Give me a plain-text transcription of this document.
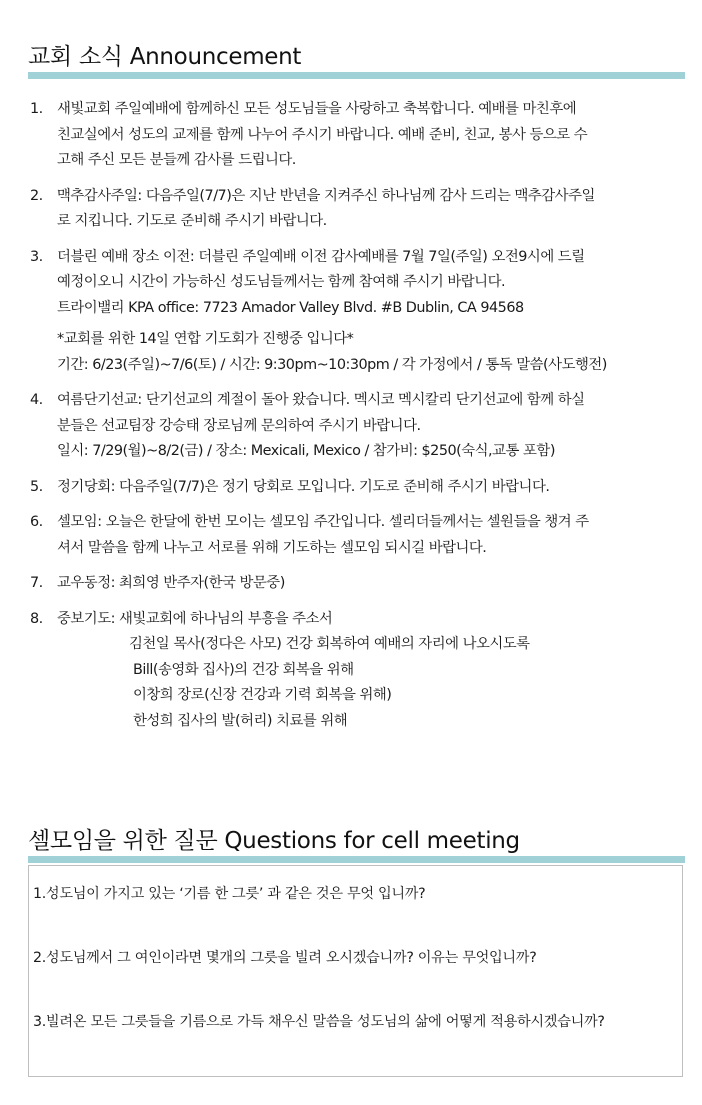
교회 소식 Announcement
1. 새빛교회 주일예배에 함께하신 모든 성도님들을 사랑하고 축복합니다. 예배를 마친후에
친교실에서 성도의 교제를 함께 나누어 주시기 바랍니다. 예배 준비, 친교, 봉사 등으로 수
고해 주신 모든 분들께 감사를 드립니다.
2. 맥추감사주일: 다음주일(7/7)은 지난 반년을 지켜주신 하나님께 감사 드리는 맥추감사주일
로 지킵니다. 기도로 준비해 주시기 바랍니다.
3. 더블린 예배 장소 이전: 더블린 주일예배 이전 감사예배를 7월 7일(주일) 오전9시에 드릴
예정이오니 시간이 가능하신 성도님들께서는 함께 참여해 주시기 바랍니다.
트라이밸리 KPA office: 7723 Amador Valley Blvd. #B Dublin, CA 94568
*교회를 위한 14일 연합 기도회가 진행중 입니다*
기간: 6/23(주일)~7/6(토) / 시간: 9:30pm~10:30pm / 각 가정에서 / 통독 말씀(사도행전)
4. 여름단기선교: 단기선교의 계절이 돌아 왔습니다. 멕시코 멕시칼리 단기선교에 함께 하실
분들은 선교팀장 강승태 장로님께 문의하여 주시기 바랍니다.
일시: 7/29(월)~8/2(금) / 장소: Mexicali, Mexico / 참가비: $250(숙식,교통 포함)
5. 정기당회: 다음주일(7/7)은 정기 당회로 모입니다. 기도로 준비해 주시기 바랍니다.
6. 셀모임: 오늘은 한달에 한번 모이는 셀모임 주간입니다. 셀리더들께서는 셀원들을 챙겨 주
셔서 말씀을 함께 나누고 서로를 위해 기도하는 셀모임 되시길 바랍니다.
7. 교우동정: 최희영 반주자(한국 방문중)
8. 중보기도: 새빛교회에 하나님의 부흥을 주소서
김천일 목사(정다은 사모) 건강 회복하여 예배의 자리에 나오시도록
Bill(송영화 집사)의 건강 회복을 위해
이창희 장로(신장 건강과 기력 회복을 위해)
한성희 집사의 발(허리) 치료를 위해
셀모임을 위한 질문 Questions for cell meeting
1.성도님이 가지고 있는 ‘기름 한 그릇’ 과 같은 것은 무엇 입니까?
2.성도님께서 그 여인이라면 몇개의 그릇을 빌려 오시겠습니까? 이유는 무엇입니까?
3.빌려온 모든 그릇들을 기름으로 가득 채우신 말씀을 성도님의 삶에 어떻게 적용하시겠습니까?
